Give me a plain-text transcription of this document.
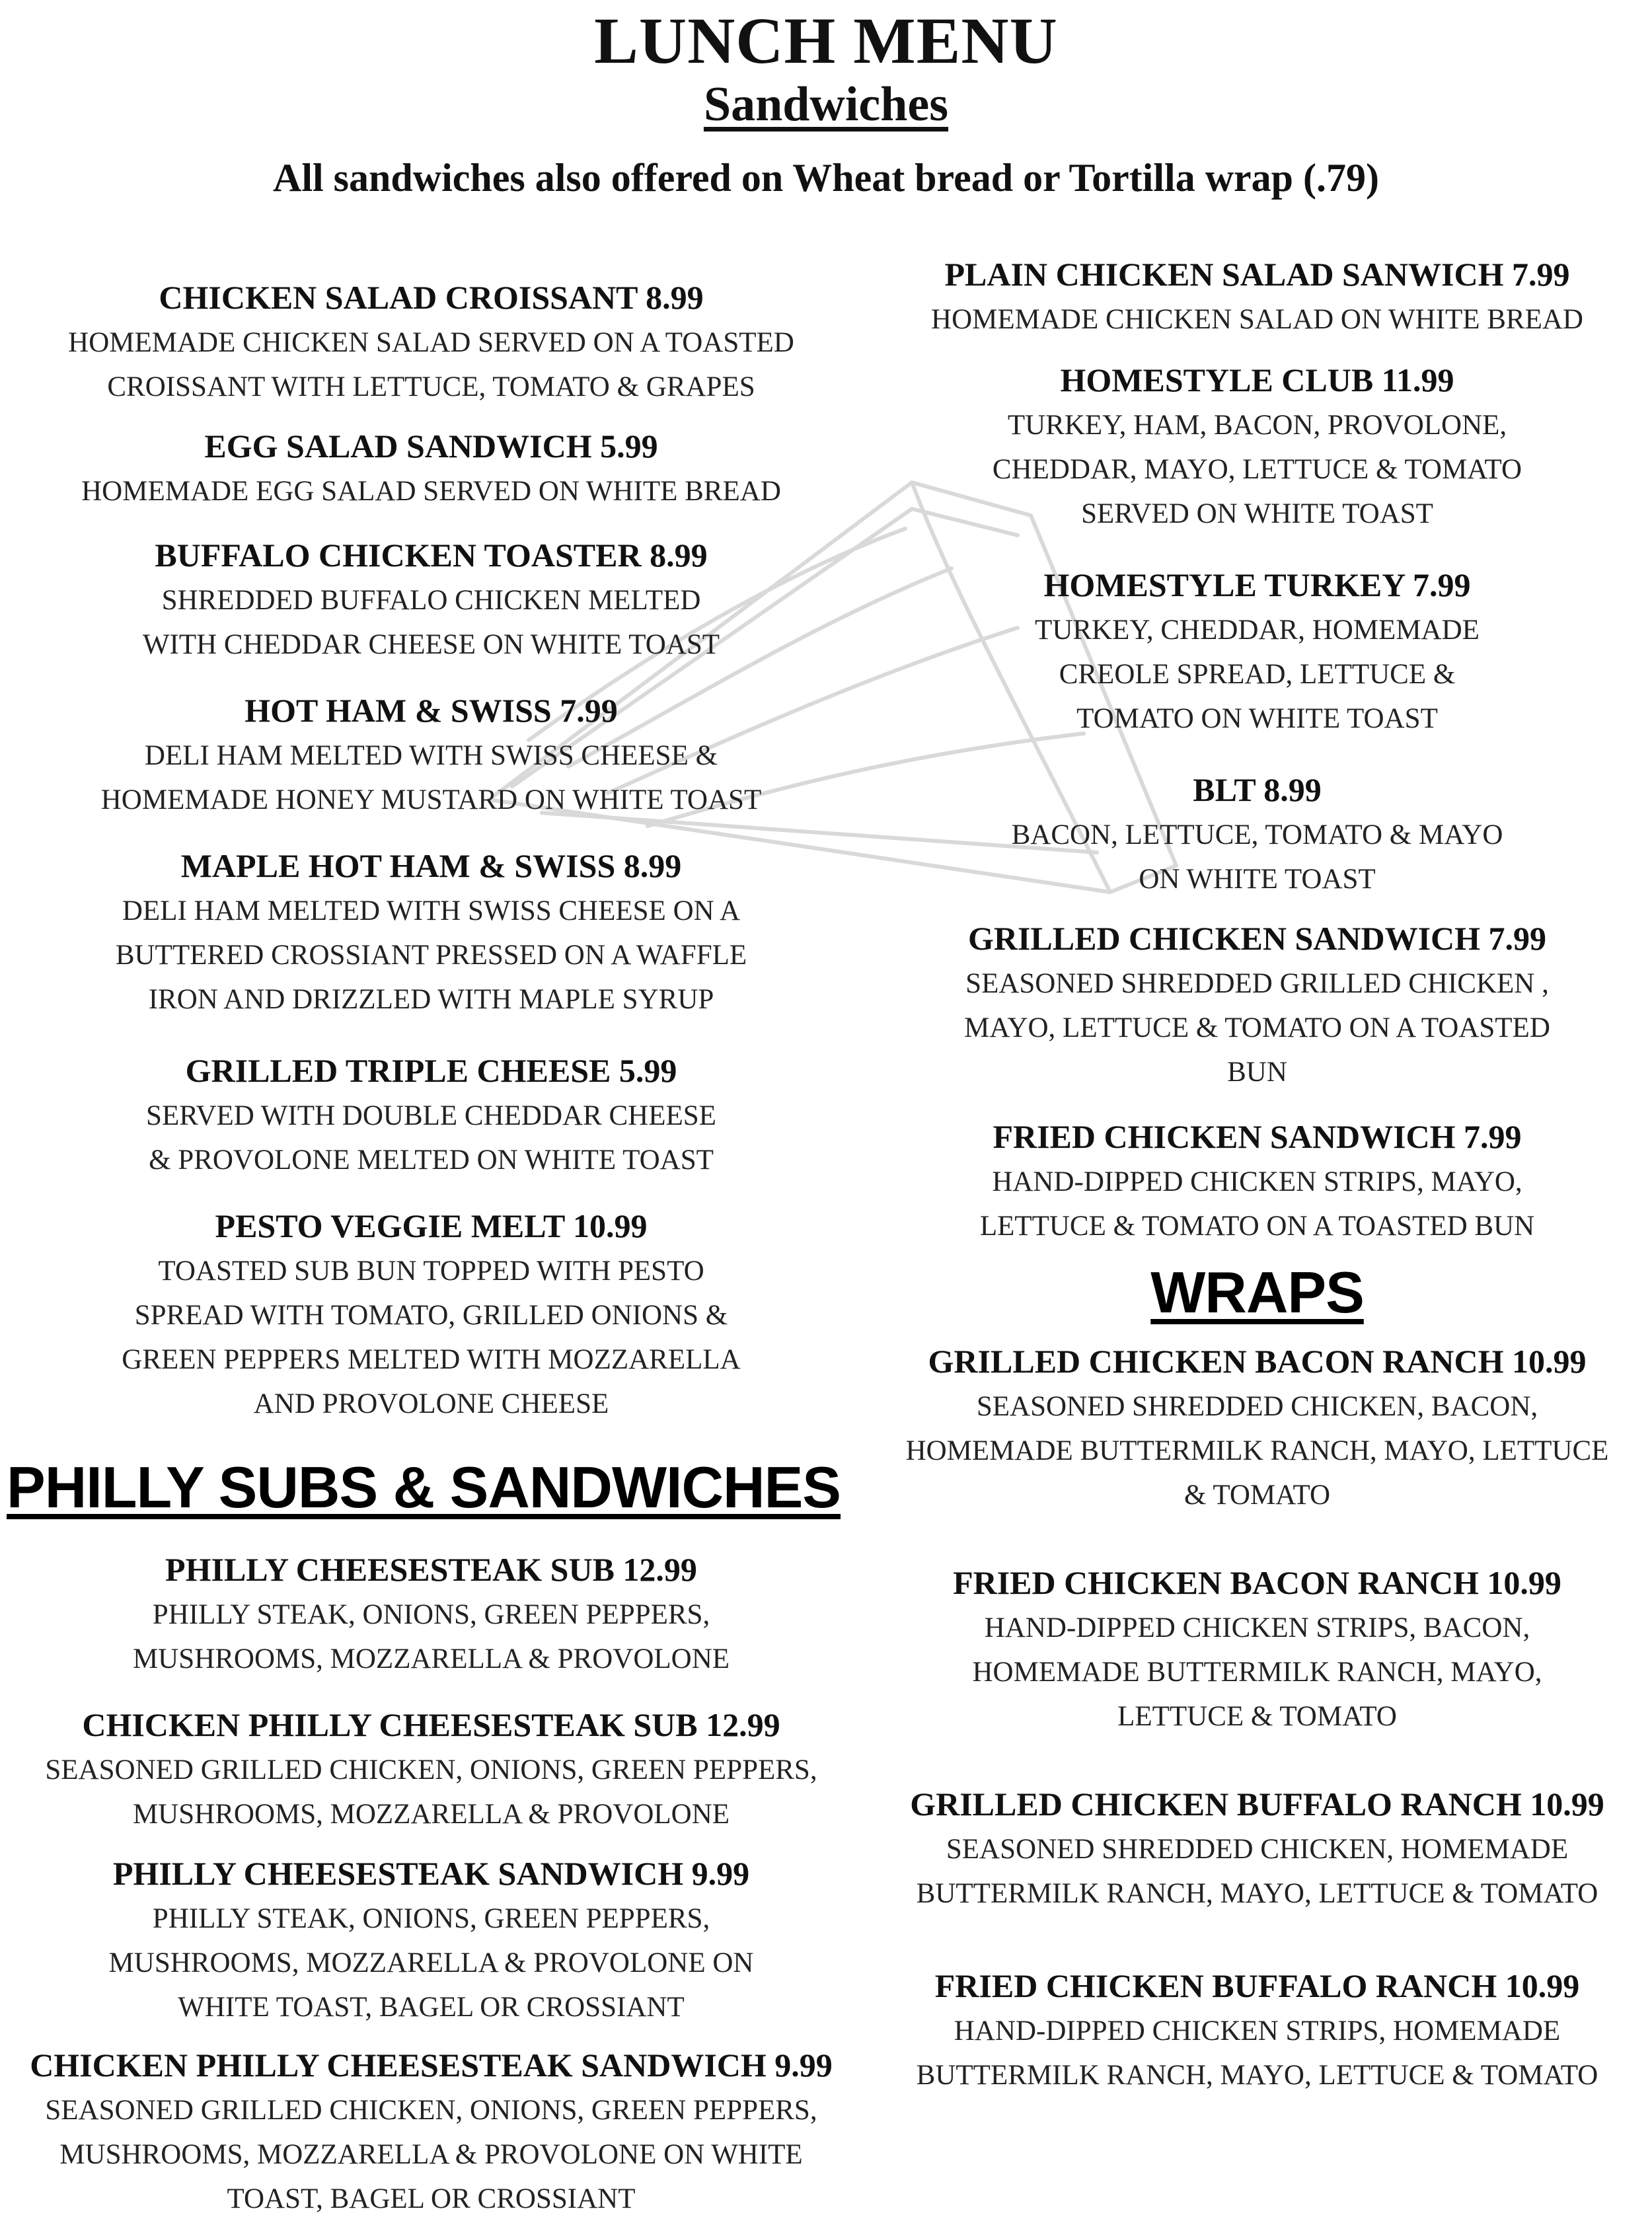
LUNCH MENU
Sandwiches
All sandwiches also offered on Wheat bread or Tortilla wrap (.79)
CHICKEN SALAD CROISSANT 8.99
HOMEMADE CHICKEN SALAD SERVED ON A TOASTED
CROISSANT WITH LETTUCE, TOMATO & GRAPES
EGG SALAD SANDWICH 5.99
HOMEMADE EGG SALAD SERVED ON WHITE BREAD
BUFFALO CHICKEN TOASTER 8.99
SHREDDED BUFFALO CHICKEN MELTED
WITH CHEDDAR CHEESE ON WHITE TOAST
HOT HAM & SWISS 7.99
DELI HAM MELTED WITH SWISS CHEESE &
HOMEMADE HONEY MUSTARD ON WHITE TOAST
MAPLE HOT HAM & SWISS 8.99
DELI HAM MELTED WITH SWISS CHEESE ON A
BUTTERED CROSSIANT PRESSED ON A WAFFLE
IRON AND DRIZZLED WITH MAPLE SYRUP
GRILLED TRIPLE CHEESE 5.99
SERVED WITH DOUBLE CHEDDAR CHEESE
& PROVOLONE MELTED ON WHITE TOAST
PESTO VEGGIE MELT 10.99
TOASTED SUB BUN TOPPED WITH PESTO
SPREAD WITH TOMATO, GRILLED ONIONS &
GREEN PEPPERS MELTED WITH MOZZARELLA
AND PROVOLONE CHEESE
PHILLY CHEESESTEAK SUB 12.99
PHILLY STEAK, ONIONS, GREEN PEPPERS,
MUSHROOMS, MOZZARELLA & PROVOLONE
CHICKEN PHILLY CHEESESTEAK SUB 12.99
SEASONED GRILLED CHICKEN, ONIONS, GREEN PEPPERS,
MUSHROOMS, MOZZARELLA & PROVOLONE
PHILLY CHEESESTEAK SANDWICH 9.99
PHILLY STEAK, ONIONS, GREEN PEPPERS,
MUSHROOMS, MOZZARELLA & PROVOLONE ON
WHITE TOAST, BAGEL OR CROSSIANT
CHICKEN PHILLY CHEESESTEAK SANDWICH 9.99
SEASONED GRILLED CHICKEN, ONIONS, GREEN PEPPERS,
MUSHROOMS, MOZZARELLA & PROVOLONE ON WHITE
TOAST, BAGEL OR CROSSIANT
PHILLY SUBS & SANDWICHES
PLAIN CHICKEN SALAD SANWICH 7.99
HOMEMADE CHICKEN SALAD ON WHITE BREAD
HOMESTYLE CLUB 11.99
TURKEY, HAM, BACON, PROVOLONE,
CHEDDAR, MAYO, LETTUCE & TOMATO
SERVED ON WHITE TOAST
HOMESTYLE TURKEY 7.99
TURKEY, CHEDDAR, HOMEMADE
CREOLE SPREAD, LETTUCE &
TOMATO ON WHITE TOAST
BLT 8.99
BACON, LETTUCE, TOMATO & MAYO
ON WHITE TOAST
GRILLED CHICKEN SANDWICH 7.99
SEASONED SHREDDED GRILLED CHICKEN ,
MAYO, LETTUCE & TOMATO ON A TOASTED
BUN
FRIED CHICKEN SANDWICH 7.99
HAND-DIPPED CHICKEN STRIPS, MAYO,
LETTUCE & TOMATO ON A TOASTED BUN
GRILLED CHICKEN BACON RANCH 10.99
SEASONED SHREDDED CHICKEN, BACON,
HOMEMADE BUTTERMILK RANCH, MAYO, LETTUCE
& TOMATO
FRIED CHICKEN BACON RANCH 10.99
HAND-DIPPED CHICKEN STRIPS, BACON,
HOMEMADE BUTTERMILK RANCH, MAYO,
LETTUCE & TOMATO
GRILLED CHICKEN BUFFALO RANCH 10.99
SEASONED SHREDDED CHICKEN, HOMEMADE
BUTTERMILK RANCH, MAYO, LETTUCE & TOMATO
FRIED CHICKEN BUFFALO RANCH 10.99
HAND-DIPPED CHICKEN STRIPS, HOMEMADE
BUTTERMILK RANCH, MAYO, LETTUCE & TOMATO
WRAPS
